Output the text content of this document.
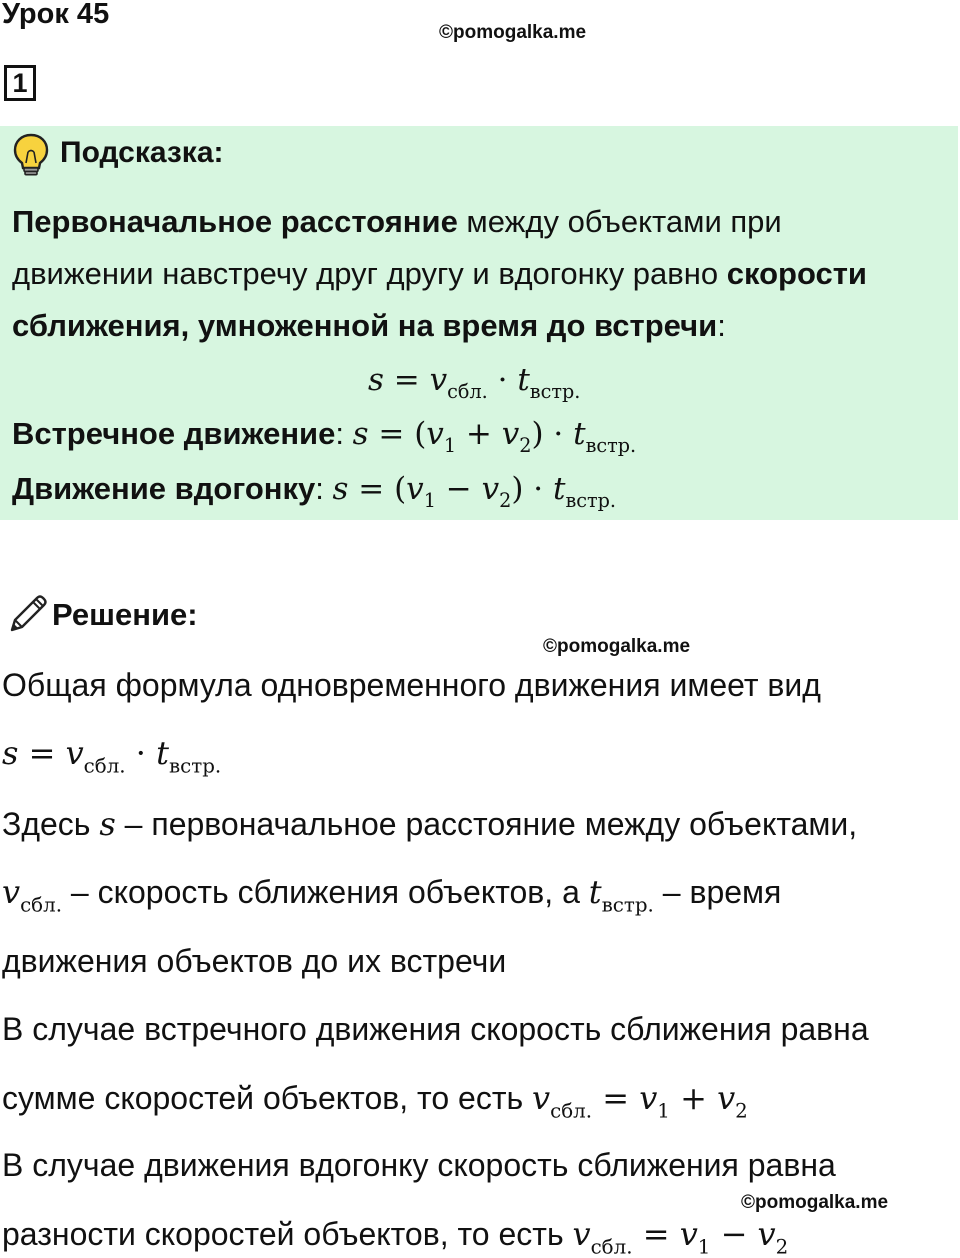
Урок 45
©pomogalka.me
1
Подсказка:
Первоначальное расстояние между объектами при
движении навстречу друг другу и вдогонку равно скорости
сближения, умноженной на время до встречи:
$s = v_{сбл.} \cdot t_{встр.}$
Встречное движение: $s = (v_1 + v_2) \cdot t_{встр.}$
Движение вдогонку: $s = (v_1 - v_2) \cdot t_{встр.}$
Решение:
©pomogalka.me
Общая формула одновременного движения имеет вид
$s = v_{сбл.} \cdot t_{встр.}$
Здесь s – первоначальное расстояние между объектами,
$v_{сбл.}$ – скорость сближения объектов, а $t_{встр.}$ – время
движения объектов до их встречи
В случае встречного движения скорость сближения равна
сумме скоростей объектов, то есть $v_{сбл.} = v_1 + v_2$
В случае движения вдогонку скорость сближения равна
©pomogalka.me
разности скоростей объектов, то есть $v_{сбл.} = v_1 - v_2$
